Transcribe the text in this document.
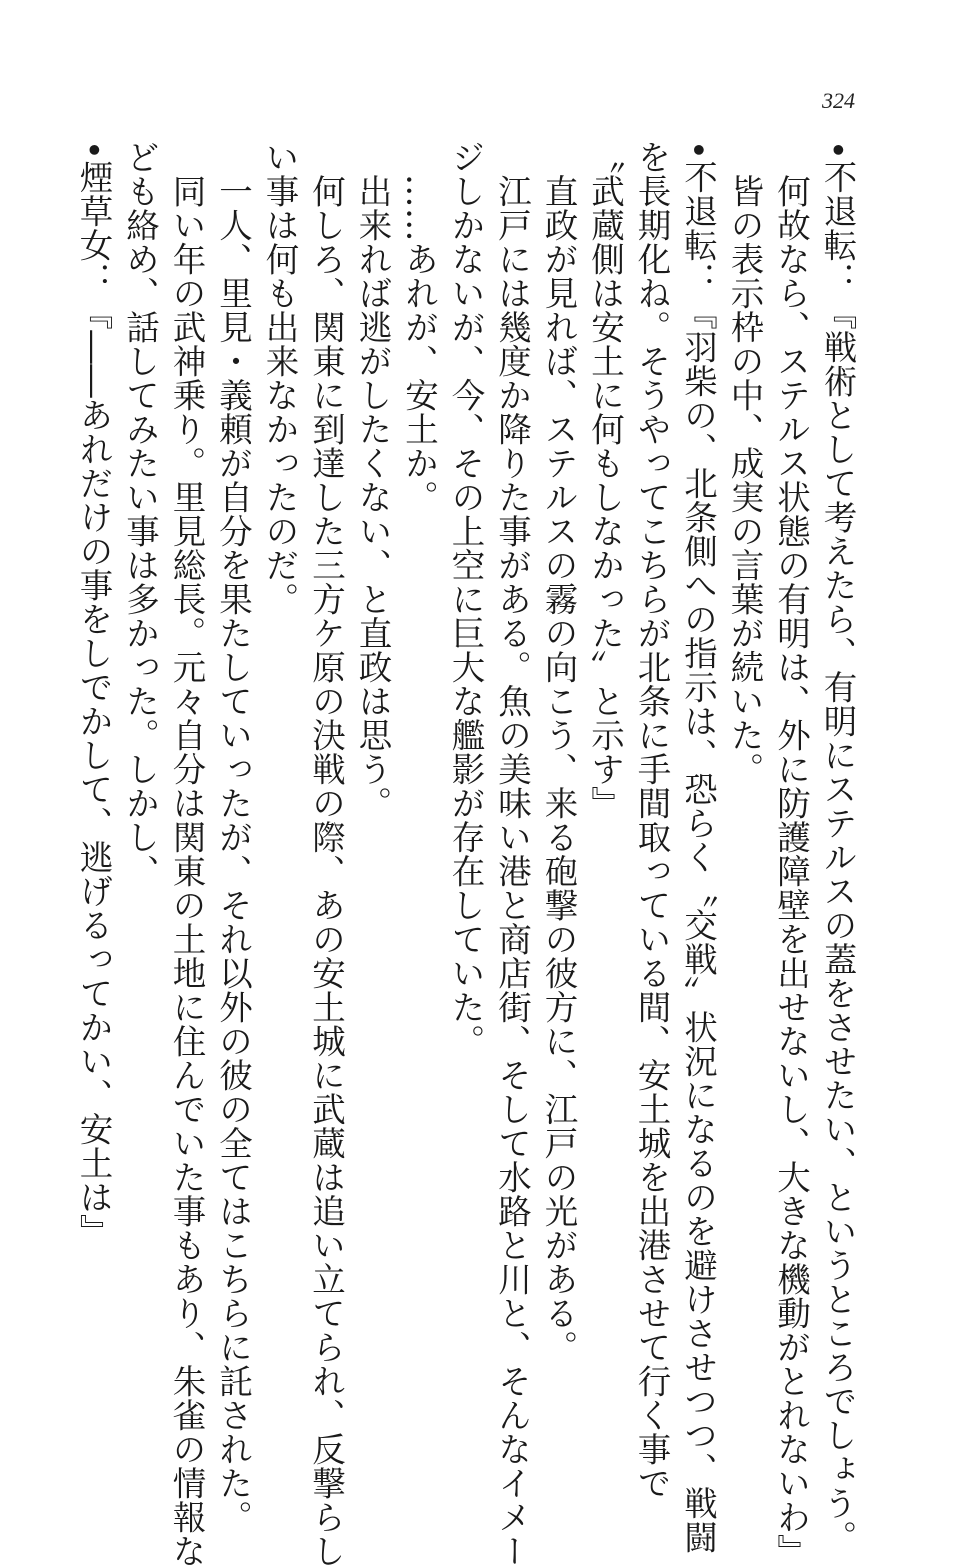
324
•不退転：『戦術として考えたら、有明にステルスの蓋をさせたい、というところでしょう。
　何故なら、ステルス状態の有明は、外に防護障壁を出せないし、大きな機動がとれないわ』
　皆の表示枠の中、成実の言葉が続いた。
•不退転：『羽柴の、北条側への指示は、恐らく〝交戦〟状況になるのを避けさせつつ、戦闘
を長期化ね。そうやってこちらが北条に手間取っている間、安土城を出港させて行く事で
〝武蔵側は安土に何もしなかった〟と示す』
　直政が見れば、ステルスの霧の向こう、来る砲撃の彼方に、江戸の光がある。
　江戸には幾度か降りた事がある。魚の美味い港と商店街、そして水路と川と、そんなイメー
ジしかないが、今、その上空に巨大な艦影が存在していた。
　……あれが、安土か。
　出来れば逃がしたくない、と直政は思う。
　何しろ、関東に到達した三方ケ原の決戦の際、あの安土城に武蔵は追い立てられ、反撃らし
い事は何も出来なかったのだ。
　一人、里見・義頼が自分を果たしていったが、それ以外の彼の全てはこちらに託された。
　同い年の武神乗り。里見総長。元々自分は関東の土地に住んでいた事もあり、朱雀の情報な
ども絡め、話してみたい事は多かった。しかし、
•煙草女：『――あれだけの事をしでかして、逃げるってかい、安土は』
